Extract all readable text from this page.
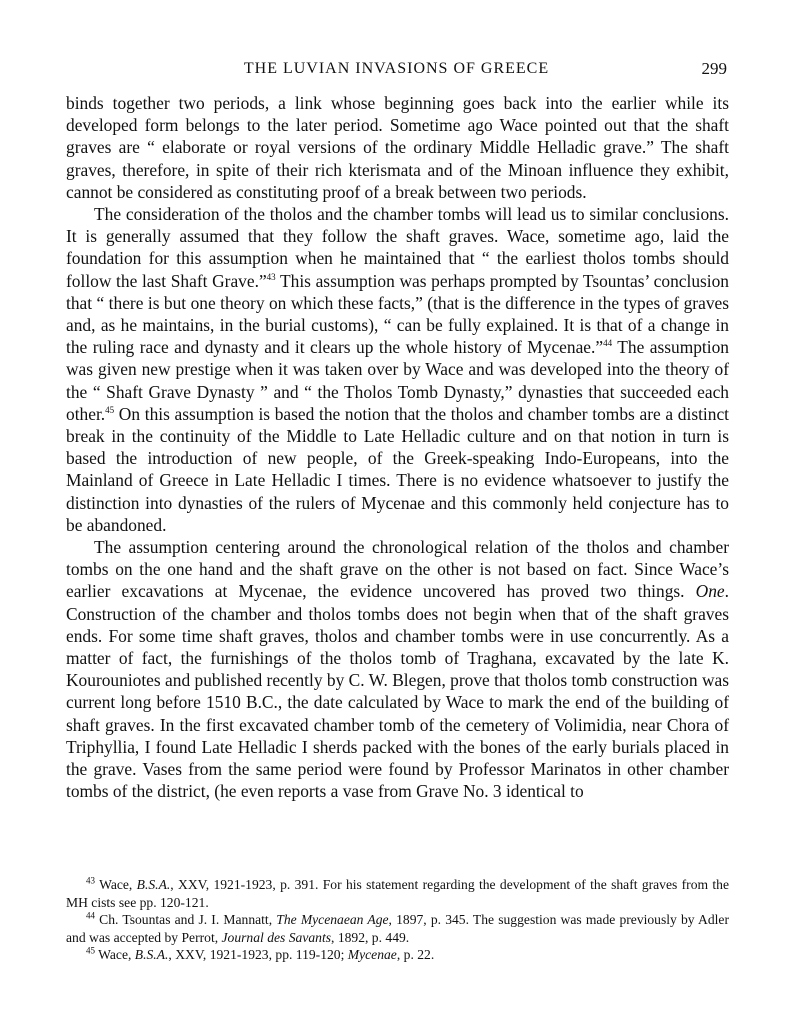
THE LUVIAN INVASIONS OF GREECE	299

binds together two periods, a link whose beginning goes back into the earlier while its developed form belongs to the later period. Sometime ago Wace pointed out that the shaft graves are “ elaborate or royal versions of the ordinary Middle Helladic grave.” The shaft graves, therefore, in spite of their rich kterismata and of the Minoan influence they exhibit, cannot be considered as constituting proof of a break between two periods.

The consideration of the tholos and the chamber tombs will lead us to similar conclusions. It is generally assumed that they follow the shaft graves. Wace, sometime ago, laid the foundation for this assumption when he maintained that “ the earliest tholos tombs should follow the last Shaft Grave.”$^{43}$ This assumption was perhaps prompted by Tsountas’ conclusion that “ there is but one theory on which these facts,” (that is the difference in the types of graves and, as he maintains, in the burial customs), “ can be fully explained. It is that of a change in the ruling race and dynasty and it clears up the whole history of Mycenae.”$^{44}$ The assumption was given new prestige when it was taken over by Wace and was developed into the theory of the “ Shaft Grave Dynasty ” and “ the Tholos Tomb Dynasty,” dynasties that succeeded each other.$^{45}$ On this assumption is based the notion that the tholos and chamber tombs are a distinct break in the continuity of the Middle to Late Helladic culture and on that notion in turn is based the introduction of new people, of the Greek-speaking Indo-Europeans, into the Mainland of Greece in Late Helladic I times. There is no evidence whatsoever to justify the distinction into dynasties of the rulers of Mycenae and this commonly held conjecture has to be abandoned.

The assumption centering around the chronological relation of the tholos and chamber tombs on the one hand and the shaft grave on the other is not based on fact. Since Wace’s earlier excavations at Mycenae, the evidence uncovered has proved two things. One. Construction of the chamber and tholos tombs does not begin when that of the shaft graves ends. For some time shaft graves, tholos and chamber tombs were in use concurrently. As a matter of fact, the furnishings of the tholos tomb of Traghana, excavated by the late K. Kourouniotes and published recently by C. W. Blegen, prove that tholos tomb construction was current long before 1510 B.C., the date calculated by Wace to mark the end of the building of shaft graves. In the first excavated chamber tomb of the cemetery of Volimidia, near Chora of Triphyllia, I found Late Helladic I sherds packed with the bones of the early burials placed in the grave. Vases from the same period were found by Professor Marinatos in other chamber tombs of the district, (he even reports a vase from Grave No. 3 identical to

$^{43}$ Wace, B.S.A., XXV, 1921-1923, p. 391. For his statement regarding the development of the shaft graves from the MH cists see pp. 120-121.

$^{44}$ Ch. Tsountas and J. I. Mannatt, The Mycenaean Age, 1897, p. 345. The suggestion was made previously by Adler and was accepted by Perrot, Journal des Savants, 1892, p. 449.

$^{45}$ Wace, B.S.A., XXV, 1921-1923, pp. 119-120; Mycenae, p. 22.
